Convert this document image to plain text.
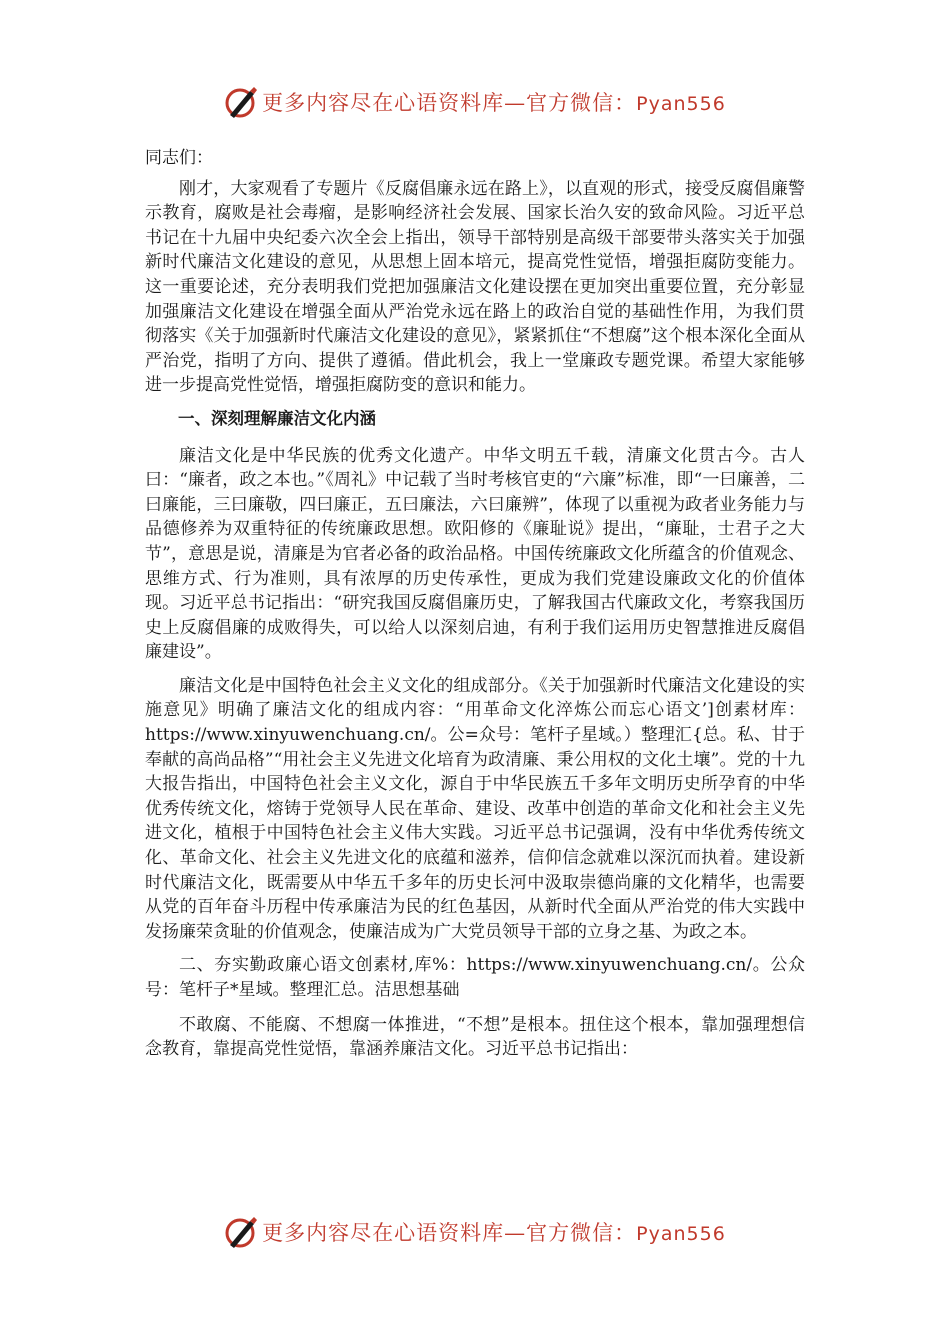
更多内容尽在心语资料库—官方微信：Pyan556

同志们：

刚才，大家观看了专题片《反腐倡廉永远在路上》，以直观的形式，接受反腐倡廉警示教育，腐败是社会毒瘤，是影响经济社会发展、国家长治久安的致命风险。习近平总书记在十九届中央纪委六次全会上指出，领导干部特别是高级干部要带头落实关于加强新时代廉洁文化建设的意见，从思想上固本培元，提高党性觉悟，增强拒腐防变能力。这一重要论述，充分表明我们党把加强廉洁文化建设摆在更加突出重要位置，充分彰显加强廉洁文化建设在增强全面从严治党永远在路上的政治自觉的基础性作用，为我们贯彻落实《关于加强新时代廉洁文化建设的意见》，紧紧抓住“不想腐”这个根本深化全面从严治党，指明了方向、提供了遵循。借此机会，我上一堂廉政专题党课。希望大家能够进一步提高党性觉悟，增强拒腐防变的意识和能力。

一、深刻理解廉洁文化内涵

廉洁文化是中华民族的优秀文化遗产。中华文明五千载，清廉文化贯古今。古人曰：“廉者，政之本也。”《周礼》中记载了当时考核官吏的“六廉”标准，即“一曰廉善，二曰廉能，三曰廉敬，四曰廉正，五曰廉法，六曰廉辨”，体现了以重视为政者业务能力与品德修养为双重特征的传统廉政思想。欧阳修的《廉耻说》提出，“廉耻，士君子之大节”，意思是说，清廉是为官者必备的政治品格。中国传统廉政文化所蕴含的价值观念、思维方式、行为准则，具有浓厚的历史传承性，更成为我们党建设廉政文化的价值体现。习近平总书记指出：“研究我国反腐倡廉历史，了解我国古代廉政文化，考察我国历史上反腐倡廉的成败得失，可以给人以深刻启迪，有利于我们运用历史智慧推进反腐倡廉建设”。

廉洁文化是中国特色社会主义文化的组成部分。《关于加强新时代廉洁文化建设的实施意见》明确了廉洁文化的组成内容：“用革命文化淬炼公而忘心语文’]创素材库：https://www.xinyuwenchuang.cn/。公=众号：笔杆子星域。）整理汇{总。私、甘于奉献的高尚品格”“用社会主义先进文化培育为政清廉、秉公用权的文化土壤”。党的十九大报告指出，中国特色社会主义文化，源自于中华民族五千多年文明历史所孕育的中华优秀传统文化，熔铸于党领导人民在革命、建设、改革中创造的革命文化和社会主义先进文化，植根于中国特色社会主义伟大实践。习近平总书记强调，没有中华优秀传统文化、革命文化、社会主义先进文化的底蕴和滋养，信仰信念就难以深沉而执着。建设新时代廉洁文化，既需要从中华五千多年的历史长河中汲取崇德尚廉的文化精华，也需要从党的百年奋斗历程中传承廉洁为民的红色基因，从新时代全面从严治党的伟大实践中发扬廉荣贪耻的价值观念，使廉洁成为广大党员领导干部的立身之基、为政之本。

二、夯实勤政廉心语文创素材,库%：https://www.xinyuwenchuang.cn/。公众号：笔杆子*星域。整理汇总。洁思想基础

不敢腐、不能腐、不想腐一体推进，“不想”是根本。扭住这个根本，靠加强理想信念教育，靠提高党性觉悟，靠涵养廉洁文化。习近平总书记指出：

更多内容尽在心语资料库—官方微信：Pyan556
